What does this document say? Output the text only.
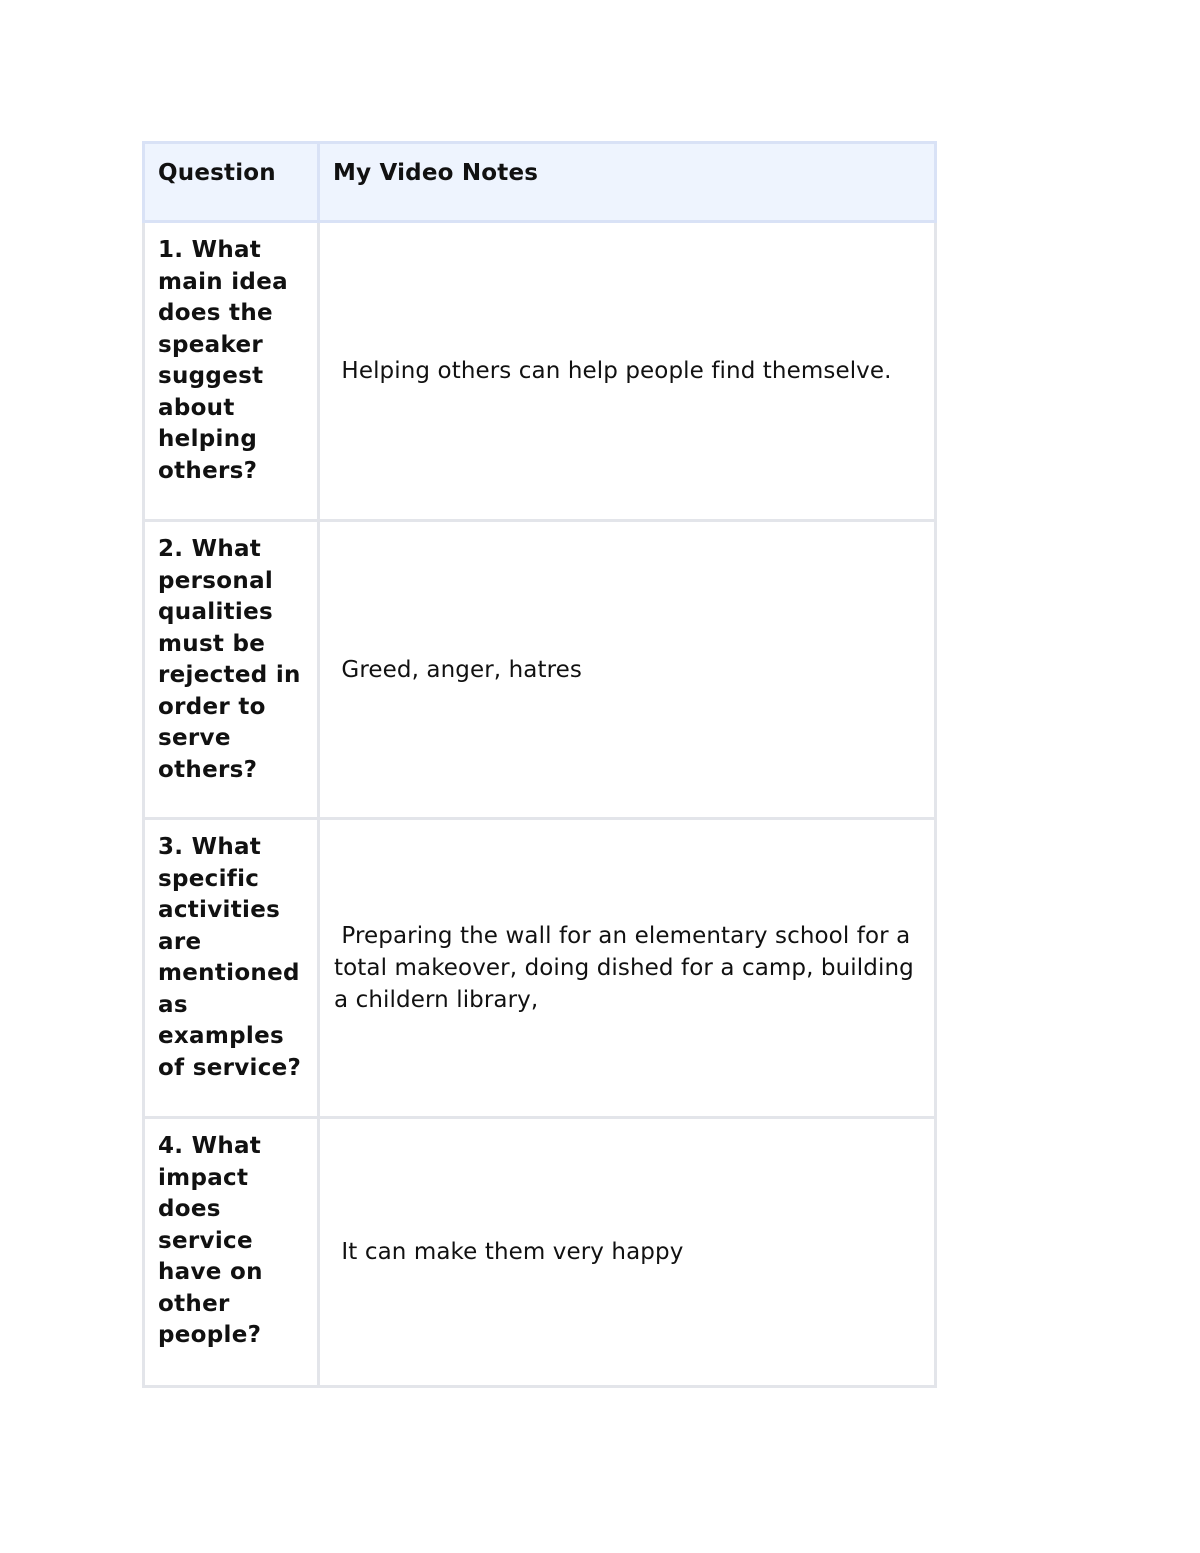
Question	My Video Notes
1. What main idea does the speaker suggest about helping others?	Helping others can help people find themselve.
2. What personal qualities must be rejected in order to serve others?	Greed, anger, hatres
3. What specific activities are mentioned as examples of service?	Preparing the wall for an elementary school for a total makeover, doing dished for a camp, building a childern library,
4. What impact does service have on other people?	It can make them very happy
